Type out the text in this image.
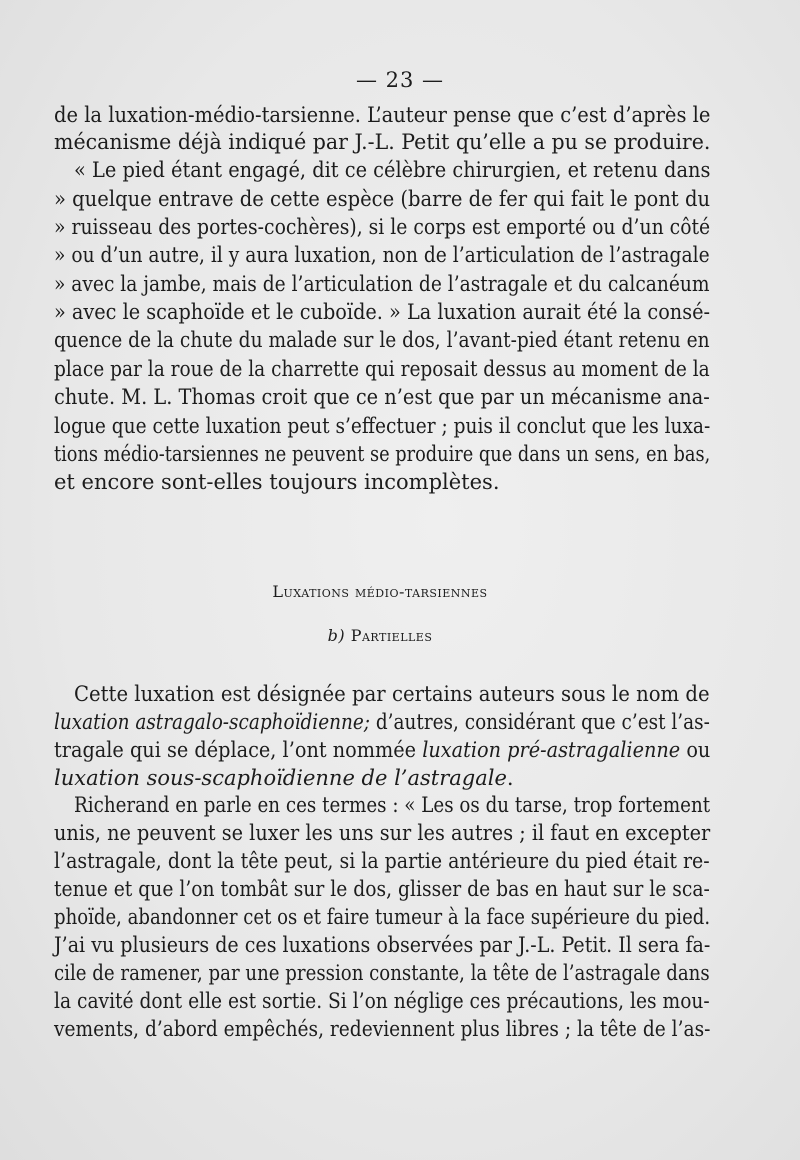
— 23 —
de la luxation-médio-tarsienne. L’auteur pense que c’est d’après le
mécanisme déjà indiqué par J.-L. Petit qu’elle a pu se produire.
« Le pied étant engagé, dit ce célèbre chirurgien, et retenu dans
» quelque entrave de cette espèce (barre de fer qui fait le pont du
» ruisseau des portes-cochères), si le corps est emporté ou d’un côté
» ou d’un autre, il y aura luxation, non de l’articulation de l’astragale
» avec la jambe, mais de l’articulation de l’astragale et du calcanéum
» avec le scaphoïde et le cuboïde. » La luxation aurait été la consé-
quence de la chute du malade sur le dos, l’avant-pied étant retenu en
place par la roue de la charrette qui reposait dessus au moment de la
chute. M. L. Thomas croit que ce n’est que par un mécanisme ana-
logue que cette luxation peut s’effectuer ; puis il conclut que les luxa-
tions médio-tarsiennes ne peuvent se produire que dans un sens, en bas,
et encore sont-elles toujours incomplètes.
Luxations médio-tarsiennes
b) Partielles
Cette luxation est désignée par certains auteurs sous le nom de
luxation astragalo-scaphoïdienne; d’autres, considérant que c’est l’as-
tragale qui se déplace, l’ont nommée luxation pré-astragalienne ou
luxation sous-scaphoïdienne de l’astragale.
Richerand en parle en ces termes : « Les os du tarse, trop fortement
unis, ne peuvent se luxer les uns sur les autres ; il faut en excepter
l’astragale, dont la tête peut, si la partie antérieure du pied était re-
tenue et que l’on tombât sur le dos, glisser de bas en haut sur le sca-
phoïde, abandonner cet os et faire tumeur à la face supérieure du pied.
J’ai vu plusieurs de ces luxations observées par J.-L. Petit. Il sera fa-
cile de ramener, par une pression constante, la tête de l’astragale dans
la cavité dont elle est sortie. Si l’on néglige ces précautions, les mou-
vements, d’abord empêchés, redeviennent plus libres ; la tête de l’as-
